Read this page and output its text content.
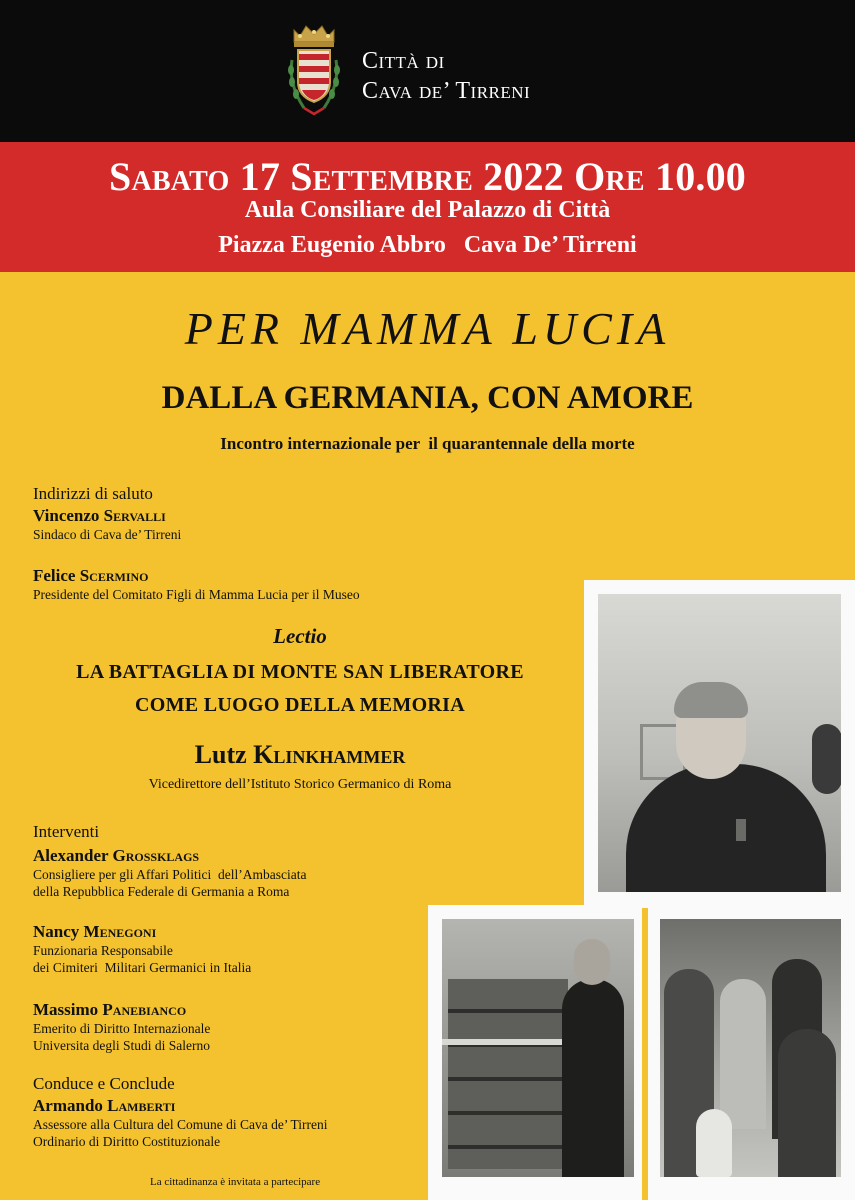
Città di
Cava de’ Tirreni
Sabato 17 Settembre 2022 Ore 10.00
Aula Consiliare del Palazzo di Città
Piazza Eugenio Abbro   Cava De’ Tirreni
PER MAMMA LUCIA
DALLA GERMANIA, CON AMORE
Incontro internazionale per  il quarantennale della morte
Indirizzi di saluto
Vincenzo Servalli
Sindaco di Cava de’ Tirreni
Felice Scermino
Presidente del Comitato Figli di Mamma Lucia per il Museo
Lectio
LA BATTAGLIA DI MONTE SAN LIBERATORE
COME LUOGO DELLA MEMORIA
Lutz Klinkhammer
Vicedirettore dell’Istituto Storico Germanico di Roma
Interventi
Alexander Grossklags
Consigliere per gli Affari Politici  dell’Ambasciata
della Repubblica Federale di Germania a Roma
Nancy Menegoni
Funzionaria Responsabile
dei Cimiteri  Militari Germanici in Italia
Massimo Panebianco
Emerito di Diritto Internazionale
Universita degli Studi di Salerno
Conduce e Conclude
Armando Lamberti
Assessore alla Cultura del Comune di Cava de’ Tirreni
Ordinario di Diritto Costituzionale
La cittadinanza è invitata a partecipare
